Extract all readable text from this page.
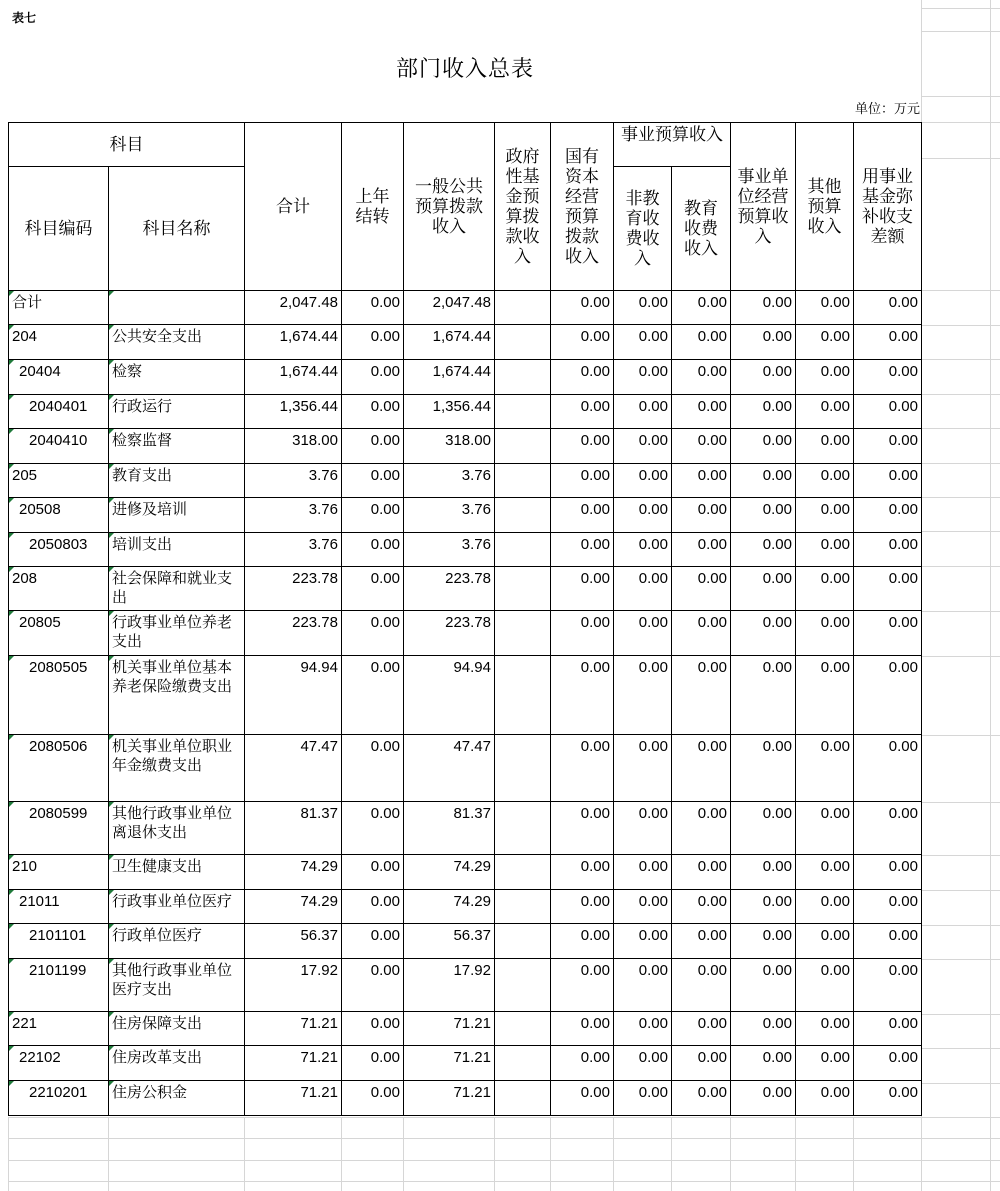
表七
部门收入总表
单位：万元
科目		合计	上年结转	一般公共预算拨款收入	政府性基金预算拨款收入	国有资本经营预算拨款收入	事业预算收入		事业单位经营预算收入	其他预算收入	用事业基金弥补收支差额
科目编码	科目名称						非教育收费收入	教育收费收入			
合计		2,047.48	0.00	2,047.48		0.00	0.00	0.00	0.00	0.00	0.00
204	公共安全支出	1,674.44	0.00	1,674.44		0.00	0.00	0.00	0.00	0.00	0.00
20404	检察	1,674.44	0.00	1,674.44		0.00	0.00	0.00	0.00	0.00	0.00
2040401	行政运行	1,356.44	0.00	1,356.44		0.00	0.00	0.00	0.00	0.00	0.00
2040410	检察监督	318.00	0.00	318.00		0.00	0.00	0.00	0.00	0.00	0.00
205	教育支出	3.76	0.00	3.76		0.00	0.00	0.00	0.00	0.00	0.00
20508	进修及培训	3.76	0.00	3.76		0.00	0.00	0.00	0.00	0.00	0.00
2050803	培训支出	3.76	0.00	3.76		0.00	0.00	0.00	0.00	0.00	0.00
208	社会保障和就业支出	223.78	0.00	223.78		0.00	0.00	0.00	0.00	0.00	0.00
20805	行政事业单位养老支出	223.78	0.00	223.78		0.00	0.00	0.00	0.00	0.00	0.00
2080505	机关事业单位基本养老保险缴费支出	94.94	0.00	94.94		0.00	0.00	0.00	0.00	0.00	0.00
2080506	机关事业单位职业年金缴费支出	47.47	0.00	47.47		0.00	0.00	0.00	0.00	0.00	0.00
2080599	其他行政事业单位离退休支出	81.37	0.00	81.37		0.00	0.00	0.00	0.00	0.00	0.00
210	卫生健康支出	74.29	0.00	74.29		0.00	0.00	0.00	0.00	0.00	0.00
21011	行政事业单位医疗	74.29	0.00	74.29		0.00	0.00	0.00	0.00	0.00	0.00
2101101	行政单位医疗	56.37	0.00	56.37		0.00	0.00	0.00	0.00	0.00	0.00
2101199	其他行政事业单位医疗支出	17.92	0.00	17.92		0.00	0.00	0.00	0.00	0.00	0.00
221	住房保障支出	71.21	0.00	71.21		0.00	0.00	0.00	0.00	0.00	0.00
22102	住房改革支出	71.21	0.00	71.21		0.00	0.00	0.00	0.00	0.00	0.00
2210201	住房公积金	71.21	0.00	71.21		0.00	0.00	0.00	0.00	0.00	0.00
